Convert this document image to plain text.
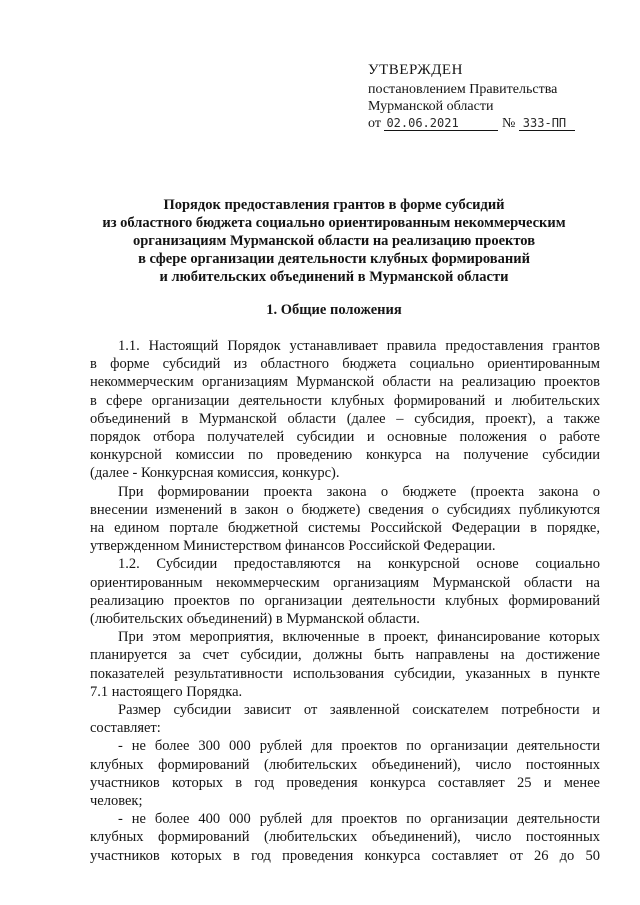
УТВЕРЖДЕН
постановлением Правительства
Мурманской области
от 02.06.2021	№ 333-ПП
Порядок предоставления грантов в форме субсидий
из областного бюджета социально ориентированным некоммерческим
организациям Мурманской области на реализацию проектов
в сфере организации деятельности клубных формирований
и любительских объединений в Мурманской области
1. Общие положения
1.1. Настоящий Порядок устанавливает правила предоставления грантов
в форме субсидий из областного бюджета социально ориентированным
некоммерческим организациям Мурманской области на реализацию проектов
в сфере организации деятельности клубных формирований и любительских
объединений в Мурманской области (далее – субсидия, проект), а также
порядок отбора получателей субсидии и основные положения о работе
конкурсной комиссии по проведению конкурса на получение субсидии
(далее - Конкурсная комиссия, конкурс).
При формировании проекта закона о бюджете (проекта закона о
внесении изменений в закон о бюджете) сведения о субсидиях публикуются
на едином портале бюджетной системы Российской Федерации в порядке,
утвержденном Министерством финансов Российской Федерации.
1.2. Субсидии предоставляются на конкурсной основе социально
ориентированным некоммерческим организациям Мурманской области на
реализацию проектов по организации деятельности клубных формирований
(любительских объединений) в Мурманской области.
При этом мероприятия, включенные в проект, финансирование которых
планируется за счет субсидии, должны быть направлены на достижение
показателей результативности использования субсидии, указанных в пункте
7.1 настоящего Порядка.
Размер субсидии зависит от заявленной соискателем потребности и
составляет:
- не более 300 000 рублей для проектов по организации деятельности
клубных формирований (любительских объединений), число постоянных
участников которых в год проведения конкурса составляет 25 и менее
человек;
- не более 400 000 рублей для проектов по организации деятельности
клубных формирований (любительских объединений), число постоянных
участников которых в год проведения конкурса составляет от 26 до 50
